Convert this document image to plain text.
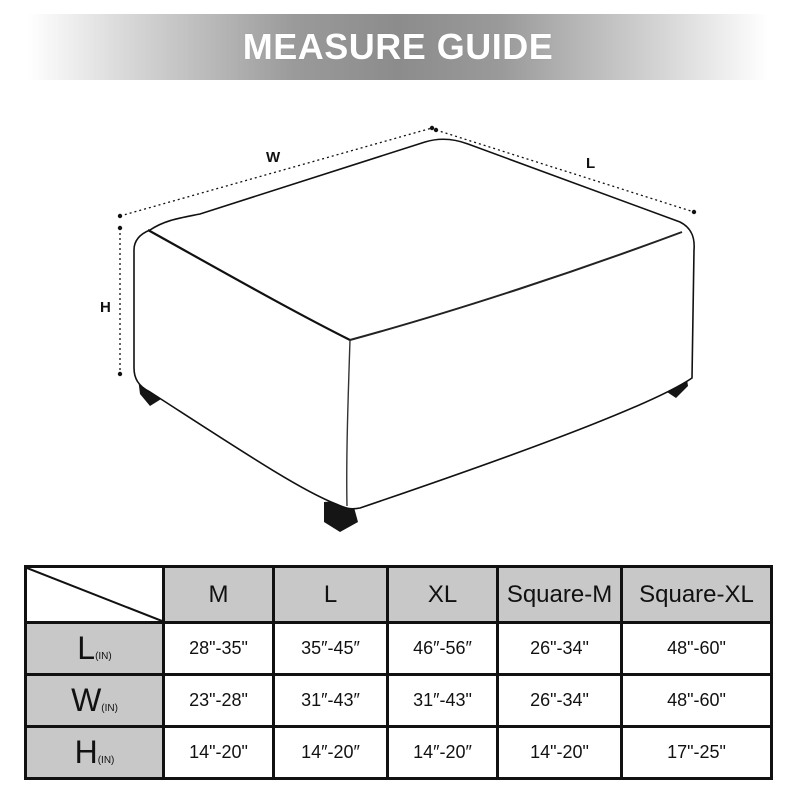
MEASURE GUIDE
W	L
H
	M	L	XL	Square-M	Square-XL
L(IN)	28"-35"	35″-45″	46″-56″	26"-34"	48"-60"
W(IN)	23"-28"	31″-43″	31″-43"	26"-34"	48"-60"
H(IN)	14"-20"	14″-20″	14″-20″	14"-20"	17"-25"
